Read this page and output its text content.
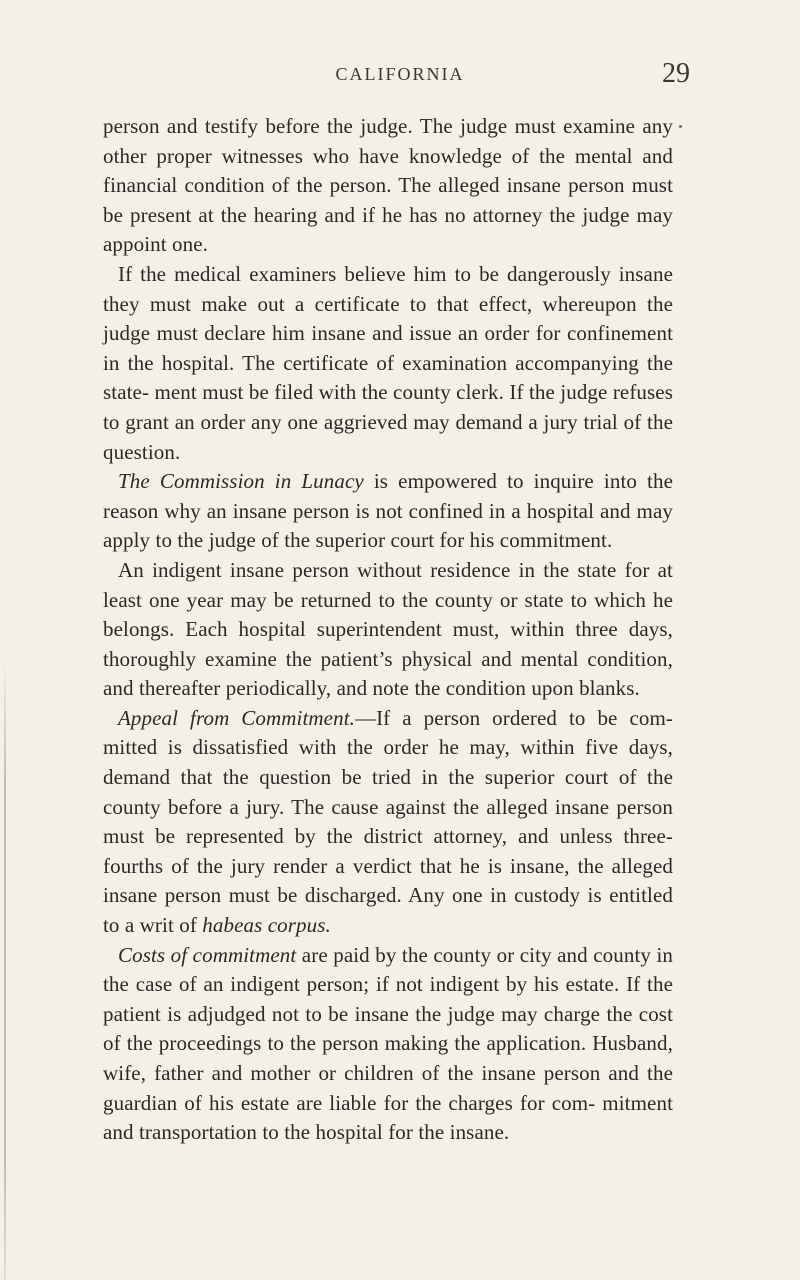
CALIFORNIA	29

person and testify before the judge. The judge must examine any other proper witnesses who have knowledge of the mental and financial condition of the person. The alleged insane person must be present at the hearing and if he has no attorney the judge may appoint one.

If the medical examiners believe him to be dangerously insane they must make out a certificate to that effect, whereupon the judge must declare him insane and issue an order for confinement in the hospital. The certificate of examination accompanying the state- ment must be filed with the county clerk. If the judge refuses to grant an order any one aggrieved may demand a jury trial of the question.

The Commission in Lunacy is empowered to inquire into the reason why an insane person is not confined in a hospital and may apply to the judge of the superior court for his commitment.

An indigent insane person without residence in the state for at least one year may be returned to the county or state to which he belongs. Each hospital superintendent must, within three days, thoroughly examine the patient’s physical and mental condition, and thereafter periodically, and note the condition upon blanks.

Appeal from Commitment.—If a person ordered to be com- mitted is dissatisfied with the order he may, within five days, demand that the question be tried in the superior court of the county before a jury. The cause against the alleged insane person must be represented by the district attorney, and unless three- fourths of the jury render a verdict that he is insane, the alleged insane person must be discharged. Any one in custody is entitled to a writ of habeas corpus.

Costs of commitment are paid by the county or city and county in the case of an indigent person; if not indigent by his estate. If the patient is adjudged not to be insane the judge may charge the cost of the proceedings to the person making the application. Husband, wife, father and mother or children of the insane person and the guardian of his estate are liable for the charges for com- mitment and transportation to the hospital for the insane.
